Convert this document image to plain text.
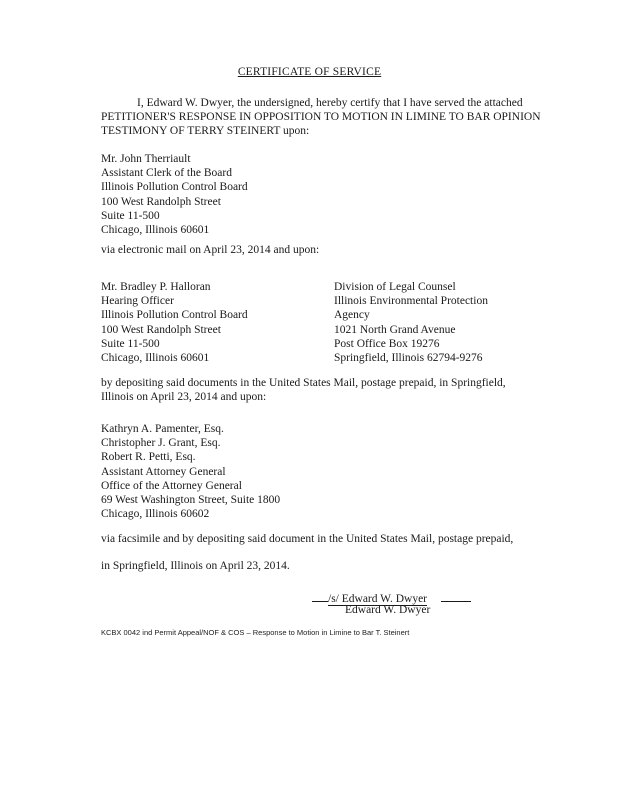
CERTIFICATE OF SERVICE
I, Edward W. Dwyer, the undersigned, hereby certify that I have served the attached PETITIONER'S RESPONSE IN OPPOSITION TO MOTION IN LIMINE TO BAR OPINION TESTIMONY OF TERRY STEINERT upon:
Mr. John Therriault
Assistant Clerk of the Board
Illinois Pollution Control Board
100 West Randolph Street
Suite 11-500
Chicago, Illinois 60601
via electronic mail on April 23, 2014 and upon:
Mr. Bradley P. Halloran
Hearing Officer
Illinois Pollution Control Board
100 West Randolph Street
Suite 11-500
Chicago, Illinois 60601
Division of Legal Counsel
Illinois Environmental Protection
Agency
1021 North Grand Avenue
Post Office Box 19276
Springfield, Illinois 62794-9276
by depositing said documents in the United States Mail, postage prepaid, in Springfield, Illinois on April 23, 2014 and upon:
Kathryn A. Pamenter, Esq.
Christopher J. Grant, Esq.
Robert R. Petti, Esq.
Assistant Attorney General
Office of the Attorney General
69 West Washington Street, Suite 1800
Chicago, Illinois 60602
via facsimile and by depositing said document in the United States Mail, postage prepaid,
in Springfield, Illinois on April 23, 2014.
/s/ Edward W. Dwyer
Edward W. Dwyer
KCBX 0042 ind Permit Appeal/NOF & COS – Response to Motion in Limine to Bar T. Steinert
